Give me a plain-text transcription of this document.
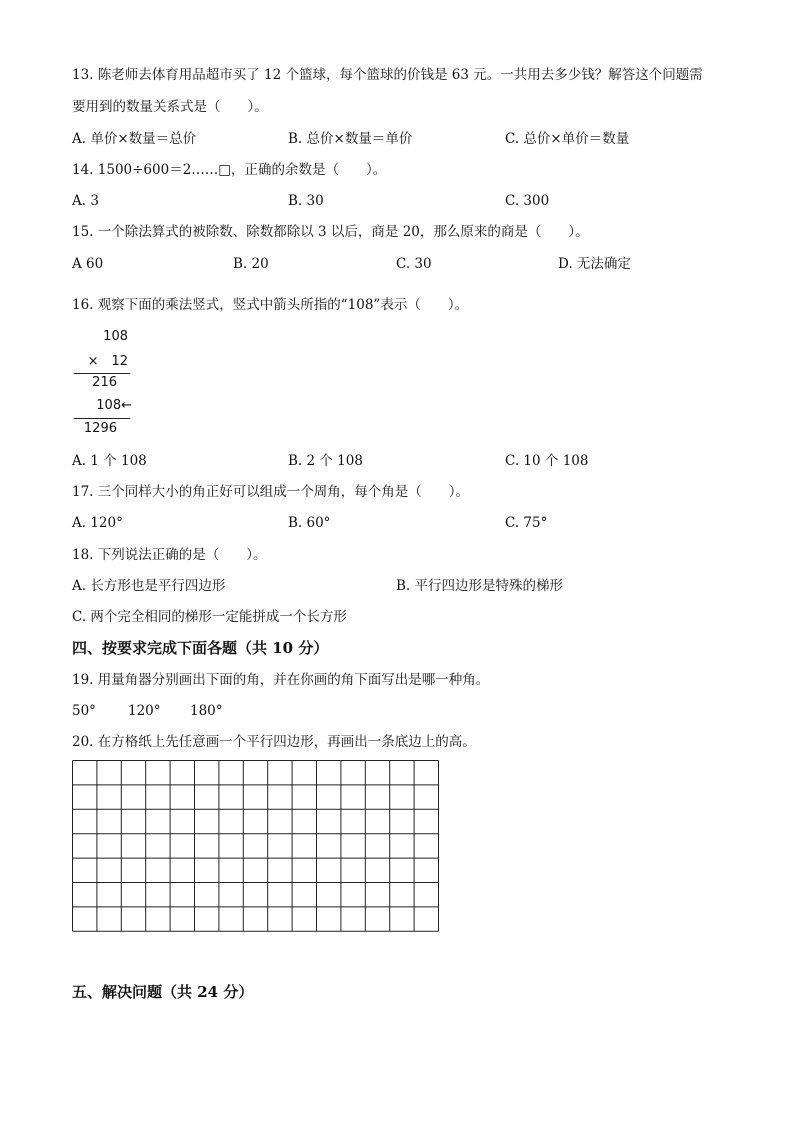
13. 陈老师去体育用品超市买了 12 个篮球，每个篮球的价钱是 63 元。一共用去多少钱？解答这个问题需
要用到的数量关系式是（　　）。
A. 单价×数量＝总价	B. 总价×数量＝单价	C. 总价×单价＝数量
14. 1500÷600＝2……□，正确的余数是（　　）。
A. 3	B. 30	C. 300
15. 一个除法算式的被除数、除数都除以 3 以后，商是 20，那么原来的商是（　　）。
A 60	B. 20	C. 30	D. 无法确定
16. 观察下面的乘法竖式，竖式中箭头所指的“108”表示（　　）。
108
×　12
216
108←
1296
A. 1 个 108	B. 2 个 108	C. 10 个 108
17. 三个同样大小的角正好可以组成一个周角，每个角是（　　）。
A. 120°	B. 60°	C. 75°
18. 下列说法正确的是（　　）。
A. 长方形也是平行四边形	B. 平行四边形是特殊的梯形
C. 两个完全相同的梯形一定能拼成一个长方形
四、按要求完成下面各题（共 10 分）
19. 用量角器分别画出下面的角，并在你画的角下面写出是哪一种角。
50° 120° 180°
20. 在方格纸上先任意画一个平行四边形，再画出一条底边上的高。
五、解决问题（共 24 分）
